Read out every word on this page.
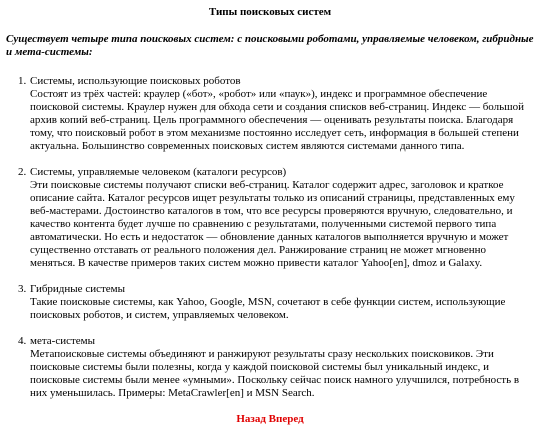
Типы поисковых систем
Существует четыре типа поисковых систем: с поисковыми роботами, управляемые человеком, гибридные и мета-системы:
1. Системы, использующие поисковых роботов
Состоят из трёх частей: краулер («бот», «робот» или «паук»), индекс и программное обеспечение поисковой системы. Краулер нужен для обхода сети и создания списков веб-страниц. Индекс — большой архив копий веб-страниц. Цель программного обеспечения — оценивать результаты поиска. Благодаря тому, что поисковый робот в этом механизме постоянно исследует сеть, информация в большей степени актуальна. Большинство современных поисковых систем являются системами данного типа.
2. Системы, управляемые человеком (каталоги ресурсов)
Эти поисковые системы получают списки веб-страниц. Каталог содержит адрес, заголовок и краткое описание сайта. Каталог ресурсов ищет результаты только из описаний страницы, представленных ему веб-мастерами. Достоинство каталогов в том, что все ресурсы проверяются вручную, следовательно, и качество контента будет лучше по сравнению с результатами, полученными системой первого типа автоматически. Но есть и недостаток — обновление данных каталогов выполняется вручную и может существенно отставать от реального положения дел. Ранжирование страниц не может мгновенно меняться. В качестве примеров таких систем можно привести каталог Yahoo[en], dmoz и Galaxy.
3. Гибридные системы
Такие поисковые системы, как Yahoo, Google, MSN, сочетают в себе функции систем, использующие поисковых роботов, и систем, управляемых человеком.
4. мета-системы
Метапоисковые системы объединяют и ранжируют результаты сразу нескольких поисковиков. Эти поисковые системы были полезны, когда у каждой поисковой системы был уникальный индекс, и поисковые системы были менее «умными». Поскольку сейчас поиск намного улучшился, потребность в них уменьшилась. Примеры: MetaCrawler[en] и MSN Search.
Назад Вперед
